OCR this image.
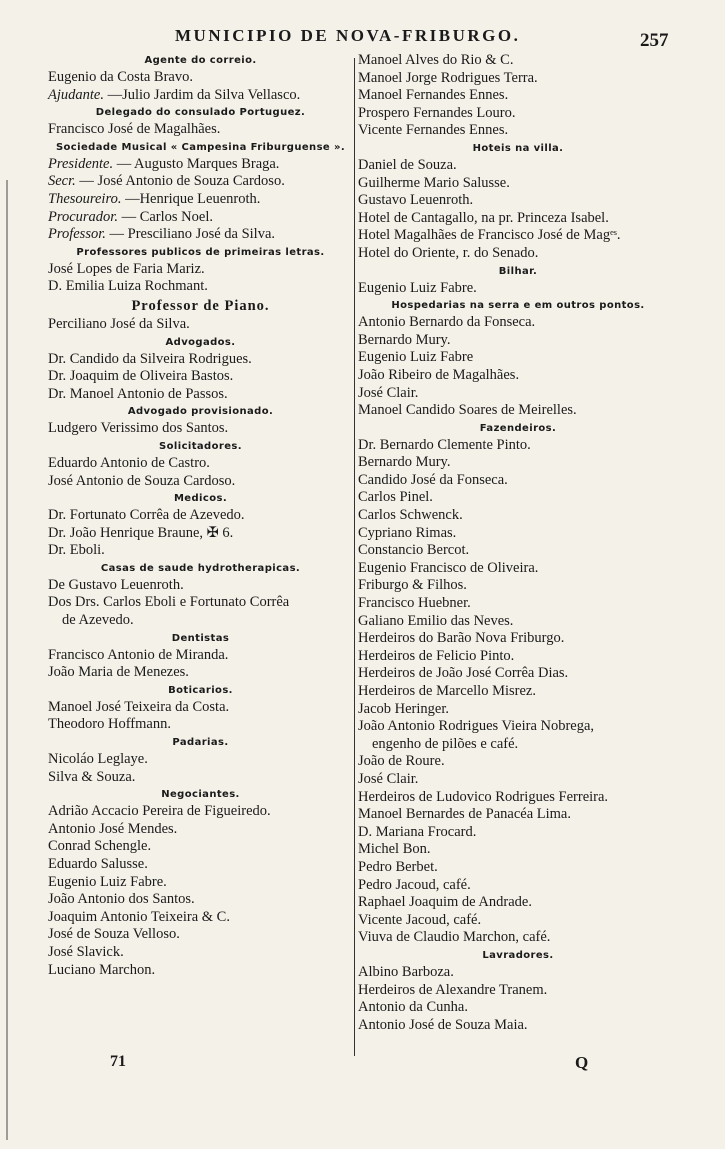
MUNICIPIO DE NOVA-FRIBURGO.	257
Agente do correio.
Eugenio da Costa Bravo.
Ajudante. —Julio Jardim da Silva Vellasco.
Delegado do consulado Portuguez.
Francisco José de Magalhães.
Sociedade Musical « Campesina Friburguense ».
Presidente. — Augusto Marques Braga.
Secr. — José Antonio de Souza Cardoso.
Thesoureiro. —Henrique Leuenroth.
Procurador. — Carlos Noel.
Professor. — Presciliano José da Silva.
Professores publicos de primeiras letras.
José Lopes de Faria Mariz.
D. Emilia Luiza Rochmant.
Professor de Piano.
Perciliano José da Silva.
Advogados.
Dr. Candido da Silveira Rodrigues.
Dr. Joaquim de Oliveira Bastos.
Dr. Manoel Antonio de Passos.
Advogado provisionado.
Ludgero Verissimo dos Santos.
Solicitadores.
Eduardo Antonio de Castro.
José Antonio de Souza Cardoso.
Medicos.
Dr. Fortunato Corrêa de Azevedo.
Dr. João Henrique Braune, ✠ 6.
Dr. Eboli.
Casas de saude hydrotherapicas.
De Gustavo Leuenroth.
Dos Drs. Carlos Eboli e Fortunato Corrêa
de Azevedo.
Dentistas
Francisco Antonio de Miranda.
João Maria de Menezes.
Boticarios.
Manoel José Teixeira da Costa.
Theodoro Hoffmann.
Padarias.
Nicoláo Leglaye.
Silva & Souza.
Negociantes.
Adrião Accacio Pereira de Figueiredo.
Antonio José Mendes.
Conrad Schengle.
Eduardo Salusse.
Eugenio Luiz Fabre.
João Antonio dos Santos.
Joaquim Antonio Teixeira & C.
José de Souza Velloso.
José Slavick.
Luciano Marchon.
Manoel Alves do Rio & C.
Manoel Jorge Rodrigues Terra.
Manoel Fernandes Ennes.
Prospero Fernandes Louro.
Vicente Fernandes Ennes.
Hoteis na villa.
Daniel de Souza.
Guilherme Mario Salusse.
Gustavo Leuenroth.
Hotel de Cantagallo, na pr. Princeza Isabel.
Hotel Magalhães de Francisco José de Magᵉˢ.
Hotel do Oriente, r. do Senado.
Bilhar.
Eugenio Luiz Fabre.
Hospedarias na serra e em outros pontos.
Antonio Bernardo da Fonseca.
Bernardo Mury.
Eugenio Luiz Fabre
João Ribeiro de Magalhães.
José Clair.
Manoel Candido Soares de Meirelles.
Fazendeiros.
Dr. Bernardo Clemente Pinto.
Bernardo Mury.
Candido José da Fonseca.
Carlos Pinel.
Carlos Schwenck.
Cypriano Rimas.
Constancio Bercot.
Eugenio Francisco de Oliveira.
Friburgo & Filhos.
Francisco Huebner.
Galiano Emilio das Neves.
Herdeiros do Barão Nova Friburgo.
Herdeiros de Felicio Pinto.
Herdeiros de João José Corrêa Dias.
Herdeiros de Marcello Misrez.
Jacob Heringer.
João Antonio Rodrigues Vieira Nobrega,
engenho de pilões e café.
João de Roure.
José Clair.
Herdeiros de Ludovico Rodrigues Ferreira.
Manoel Bernardes de Panacéa Lima.
D. Mariana Frocard.
Michel Bon.
Pedro Berbet.
Pedro Jacoud, café.
Raphael Joaquim de Andrade.
Vicente Jacoud, café.
Viuva de Claudio Marchon, café.
Lavradores.
Albino Barboza.
Herdeiros de Alexandre Tranem.
Antonio da Cunha.
Antonio José de Souza Maia.
71	Q
